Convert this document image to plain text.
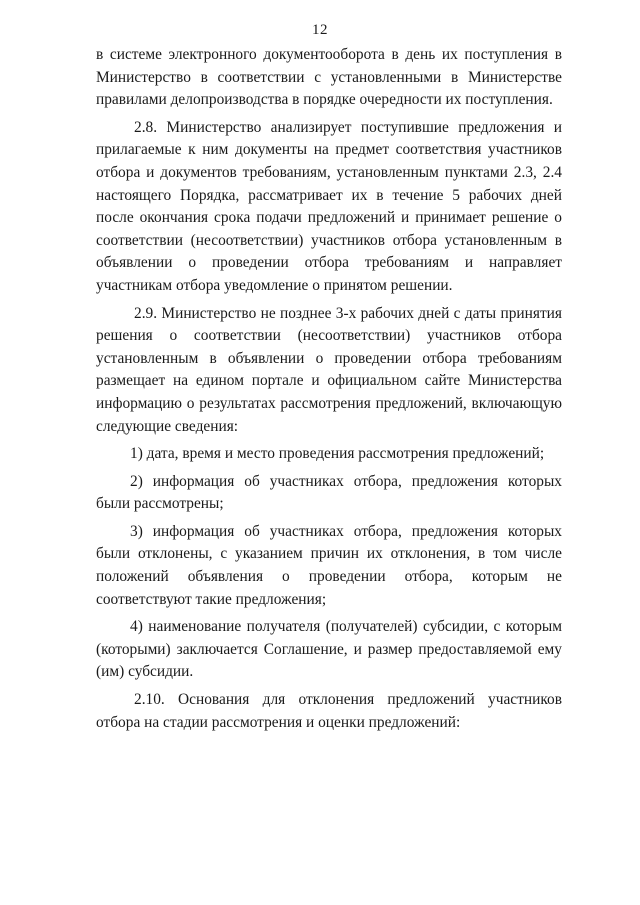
12

в системе электронного документооборота в день их поступления в Министерство в соответствии с установленными в Министерстве правилами делопроизводства в порядке очередности их поступления.

2.8. Министерство анализирует поступившие предложения и прилагаемые к ним документы на предмет соответствия участников отбора и документов требованиям, установленным пунктами 2.3, 2.4 настоящего Порядка, рассматривает их в течение 5 рабочих дней после окончания срока подачи предложений и принимает решение о соответствии (несоответствии) участников отбора установленным в объявлении о проведении отбора требованиям и направляет участникам отбора уведомление о принятом решении.

2.9. Министерство не позднее 3-х рабочих дней с даты принятия решения о соответствии (несоответствии) участников отбора установленным в объявлении о проведении отбора требованиям размещает на едином портале и официальном сайте Министерства информацию о результатах рассмотрения предложений, включающую следующие сведения:

1) дата, время и место проведения рассмотрения предложений;

2) информация об участниках отбора, предложения которых были рассмотрены;

3) информация об участниках отбора, предложения которых были отклонены, с указанием причин их отклонения, в том числе положений объявления о проведении отбора, которым не соответствуют такие предложения;

4) наименование получателя (получателей) субсидии, с которым (которыми) заключается Соглашение, и размер предоставляемой ему (им) субсидии.

2.10. Основания для отклонения предложений участников отбора на стадии рассмотрения и оценки предложений:
